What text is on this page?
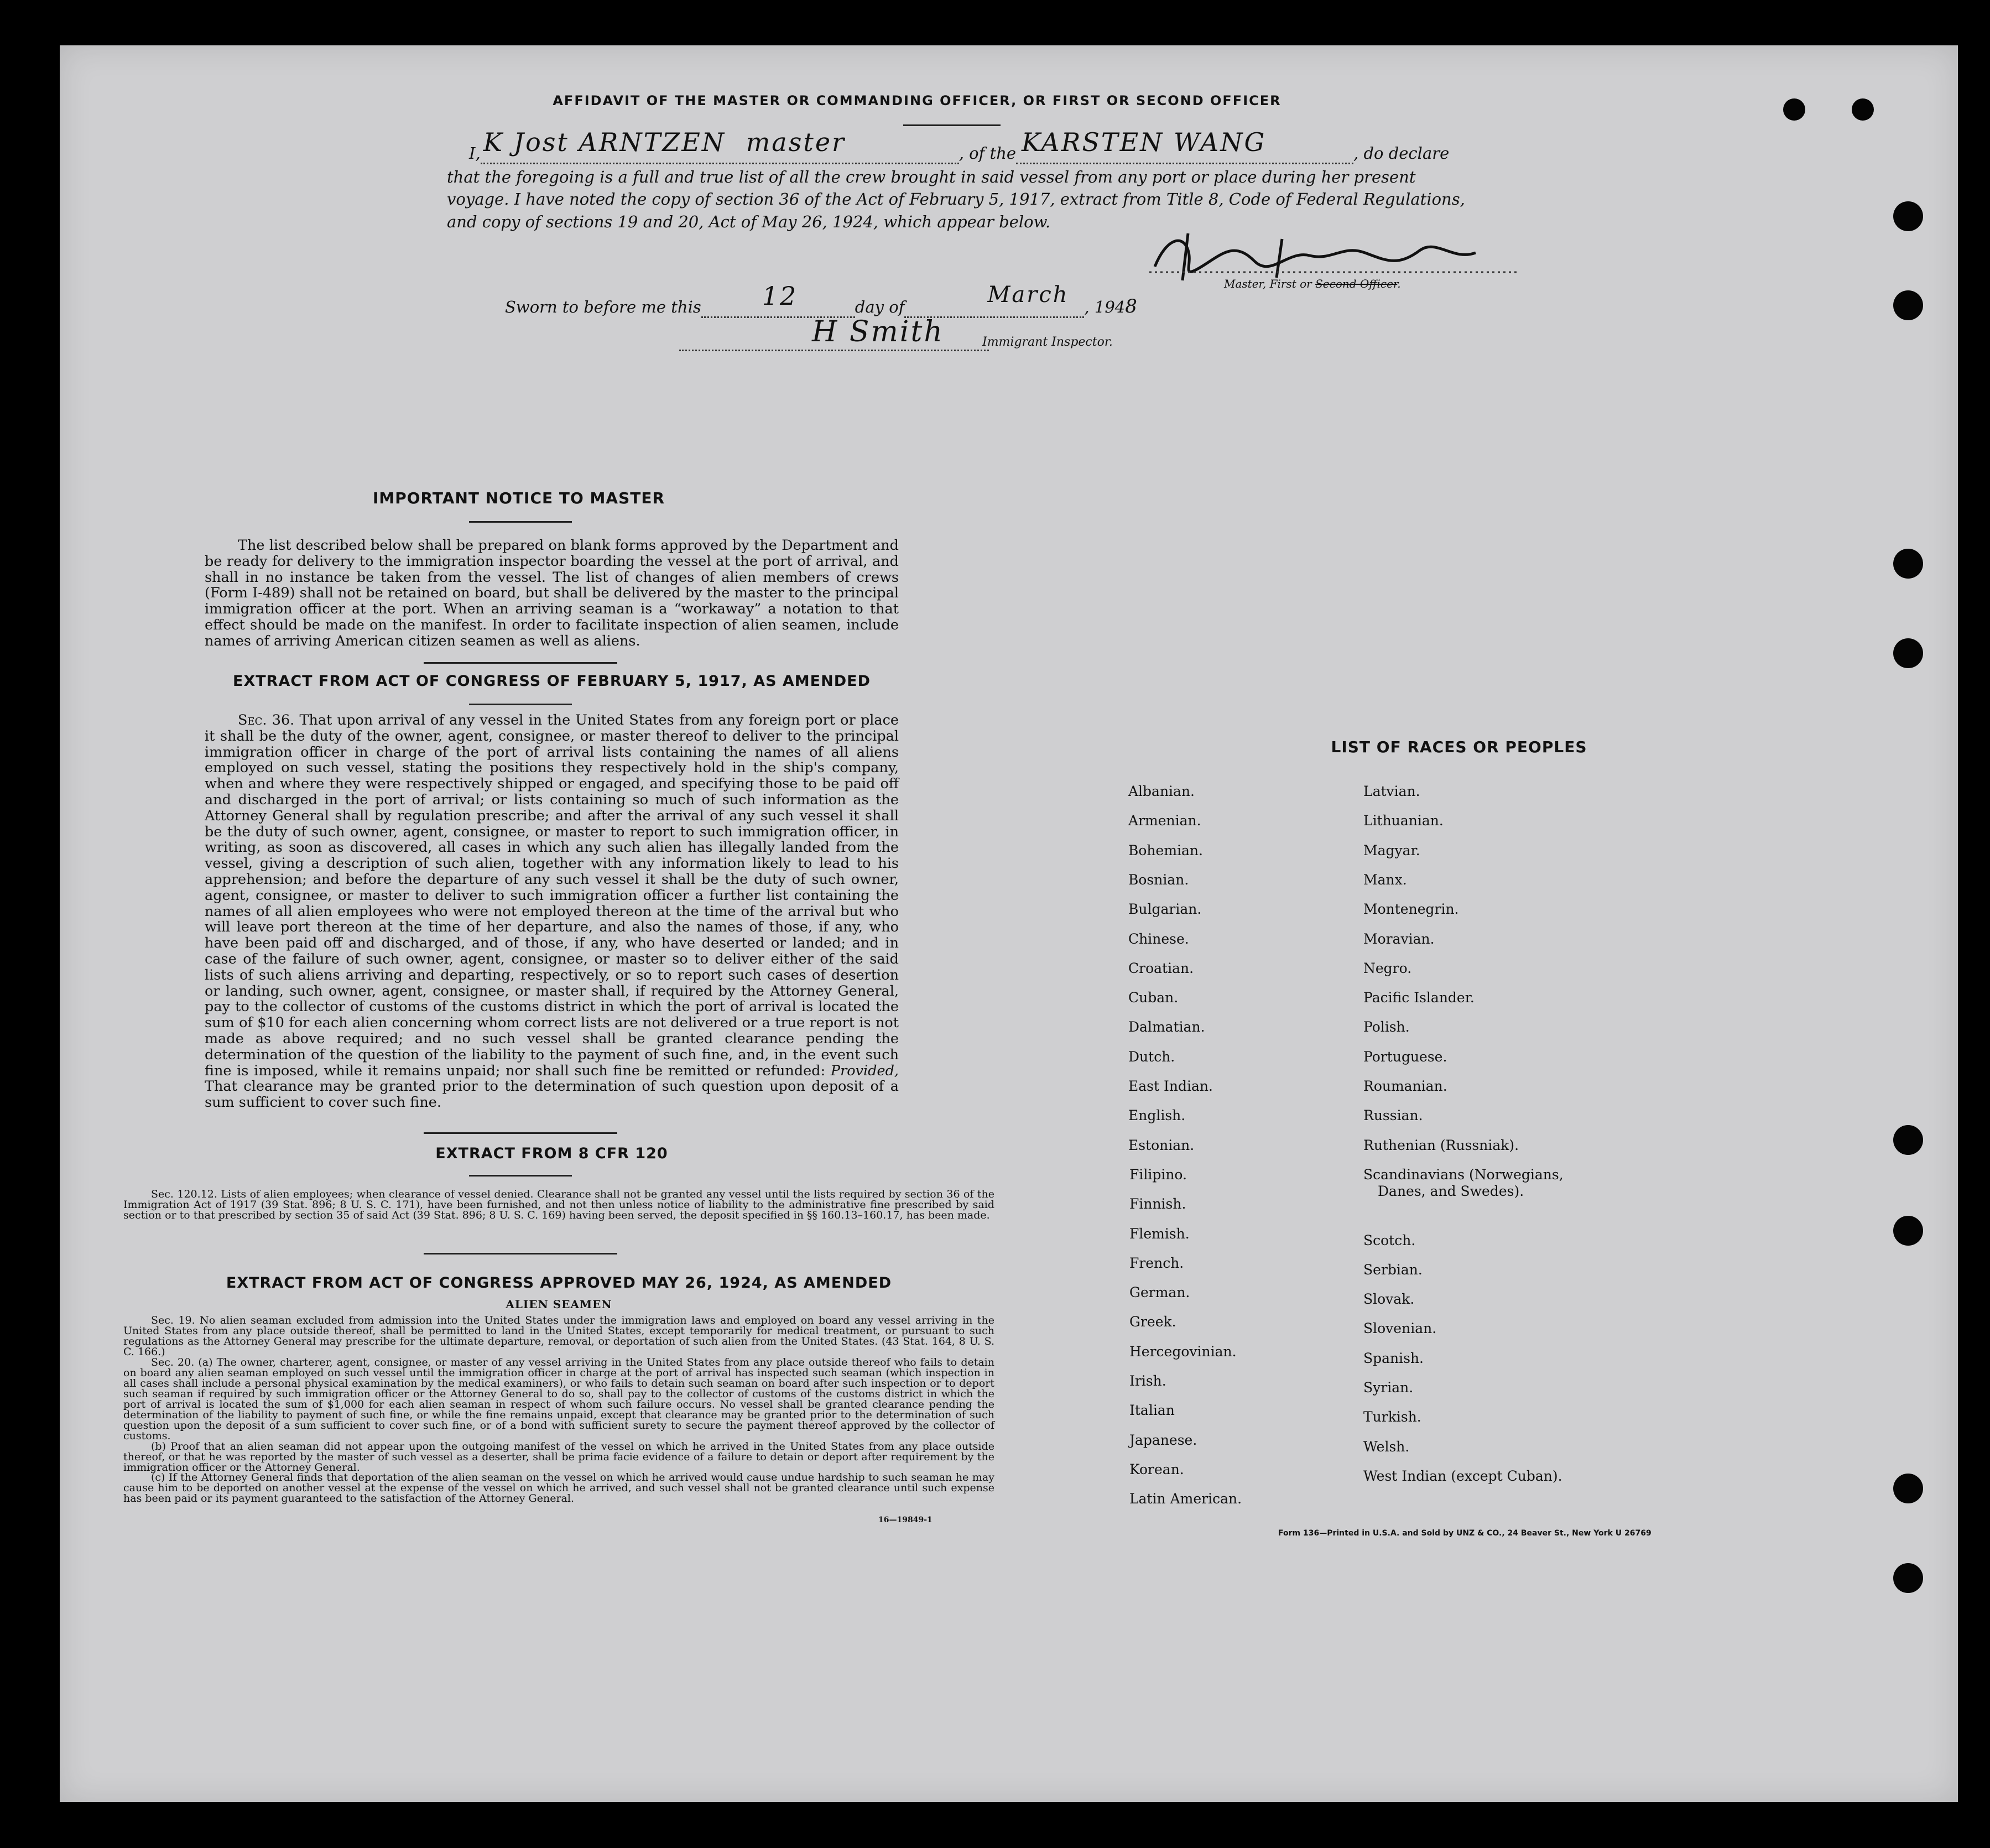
AFFIDAVIT OF THE MASTER OR COMMANDING OFFICER, OR FIRST OR SECOND OFFICER
I, K Jost ARNTZEN master	, of the KARSTEN WANG	, do declare
that the foregoing is a full and true list of all the crew brought in said vessel from any port or place during her present
voyage. I have noted the copy of section 36 of the Act of February 5, 1917, extract from Title 8, Code of Federal Regulations,
and copy of sections 19 and 20, Act of May 26, 1924, which appear below.
Master, First or Second Officer.
Sworn to before me this 12	day of	March , 1948
H Smith	Immigrant Inspector.
IMPORTANT NOTICE TO MASTER
The list described below shall be prepared on blank forms approved by the Department and be ready for delivery to the immigration inspector boarding the vessel at the port of arrival, and shall in no instance be taken from the vessel. The list of changes of alien members of crews (Form I-489) shall not be retained on board, but shall be delivered by the master to the principal immigration officer at the port. When an arriving seaman is a “workaway” a notation to that effect should be made on the manifest. In order to facilitate inspection of alien seamen, include names of arriving American citizen seamen as well as aliens.
EXTRACT FROM ACT OF CONGRESS OF FEBRUARY 5, 1917, AS AMENDED
Sec. 36. That upon arrival of any vessel in the United States from any foreign port or place it shall be the duty of the owner, agent, consignee, or master thereof to deliver to the principal immigration officer in charge of the port of arrival lists containing the names of all aliens employed on such vessel, stating the positions they respectively hold in the ship's company, when and where they were respectively shipped or engaged, and specifying those to be paid off and discharged in the port of arrival; or lists containing so much of such information as the Attorney General shall by regulation prescribe; and after the arrival of any such vessel it shall be the duty of such owner, agent, consignee, or master to report to such immigration officer, in writing, as soon as discovered, all cases in which any such alien has illegally landed from the vessel, giving a description of such alien, together with any information likely to lead to his apprehension; and before the departure of any such vessel it shall be the duty of such owner, agent, consignee, or master to deliver to such immigration officer a further list containing the names of all alien employees who were not employed thereon at the time of the arrival but who will leave port thereon at the time of her departure, and also the names of those, if any, who have been paid off and discharged, and of those, if any, who have deserted or landed; and in case of the failure of such owner, agent, consignee, or master so to deliver either of the said lists of such aliens arriving and departing, respectively, or so to report such cases of desertion or landing, such owner, agent, consignee, or master shall, if required by the Attorney General, pay to the collector of customs of the customs district in which the port of arrival is located the sum of $10 for each alien concerning whom correct lists are not delivered or a true report is not made as above required; and no such vessel shall be granted clearance pending the determination of the question of the liability to the payment of such fine, and, in the event such fine is imposed, while it remains unpaid; nor shall such fine be remitted or refunded: Provided, That clearance may be granted prior to the determination of such question upon deposit of a sum sufficient to cover such fine.
EXTRACT FROM 8 CFR 120
Sec. 120.12. Lists of alien employees; when clearance of vessel denied. Clearance shall not be granted any vessel until the lists required by section 36 of the Immigration Act of 1917 (39 Stat. 896; 8 U. S. C. 171), have been furnished, and not then unless notice of liability to the administrative fine prescribed by said section or to that prescribed by section 35 of said Act (39 Stat. 896; 8 U. S. C. 169) having been served, the deposit specified in §§ 160.13–160.17, has been made.
EXTRACT FROM ACT OF CONGRESS APPROVED MAY 26, 1924, AS AMENDED
ALIEN SEAMEN
Sec. 19. No alien seaman excluded from admission into the United States under the immigration laws and employed on board any vessel arriving in the United States from any place outside thereof, shall be permitted to land in the United States, except temporarily for medical treatment, or pursuant to such regulations as the Attorney General may prescribe for the ultimate departure, removal, or deportation of such alien from the United States. (43 Stat. 164, 8 U. S. C. 166.)
Sec. 20. (a) The owner, charterer, agent, consignee, or master of any vessel arriving in the United States from any place outside thereof who fails to detain on board any alien seaman employed on such vessel until the immigration officer in charge at the port of arrival has inspected such seaman (which inspection in all cases shall include a personal physical examination by the medical examiners), or who fails to detain such seaman on board after such inspection or to deport such seaman if required by such immigration officer or the Attorney General to do so, shall pay to the collector of customs of the customs district in which the port of arrival is located the sum of $1,000 for each alien seaman in respect of whom such failure occurs. No vessel shall be granted clearance pending the determination of the liability to payment of such fine, or while the fine remains unpaid, except that clearance may be granted prior to the determination of such question upon the deposit of a sum sufficient to cover such fine, or of a bond with sufficient surety to secure the payment thereof approved by the collector of customs.
(b) Proof that an alien seaman did not appear upon the outgoing manifest of the vessel on which he arrived in the United States from any place outside thereof, or that he was reported by the master of such vessel as a deserter, shall be prima facie evidence of a failure to detain or deport after requirement by the immigration officer or the Attorney General.
(c) If the Attorney General finds that deportation of the alien seaman on the vessel on which he arrived would cause undue hardship to such seaman he may cause him to be deported on another vessel at the expense of the vessel on which he arrived, and such vessel shall not be granted clearance until such expense has been paid or its payment guaranteed to the satisfaction of the Attorney General.
16—19849-1
LIST OF RACES OR PEOPLES
Albanian.
Armenian.
Bohemian.
Bosnian.
Bulgarian.
Chinese.
Croatian.
Cuban.
Dalmatian.
Dutch.
East Indian.
English.
Estonian.
Filipino.
Finnish.
Flemish.
French.
German.
Greek.
Hercegovinian.
Irish.
Italian
Japanese.
Korean.
Latin American.
Latvian.
Lithuanian.
Magyar.
Manx.
Montenegrin.
Moravian.
Negro.
Pacific Islander.
Polish.
Portuguese.
Roumanian.
Russian.
Ruthenian (Russniak).
Scandinavians (Norwegians,
Danes, and Swedes).
Scotch.
Serbian.
Slovak.
Slovenian.
Spanish.
Syrian.
Turkish.
Welsh.
West Indian (except Cuban).
Form 136—Printed in U.S.A. and Sold by UNZ & CO., 24 Beaver St., New York U 26769
